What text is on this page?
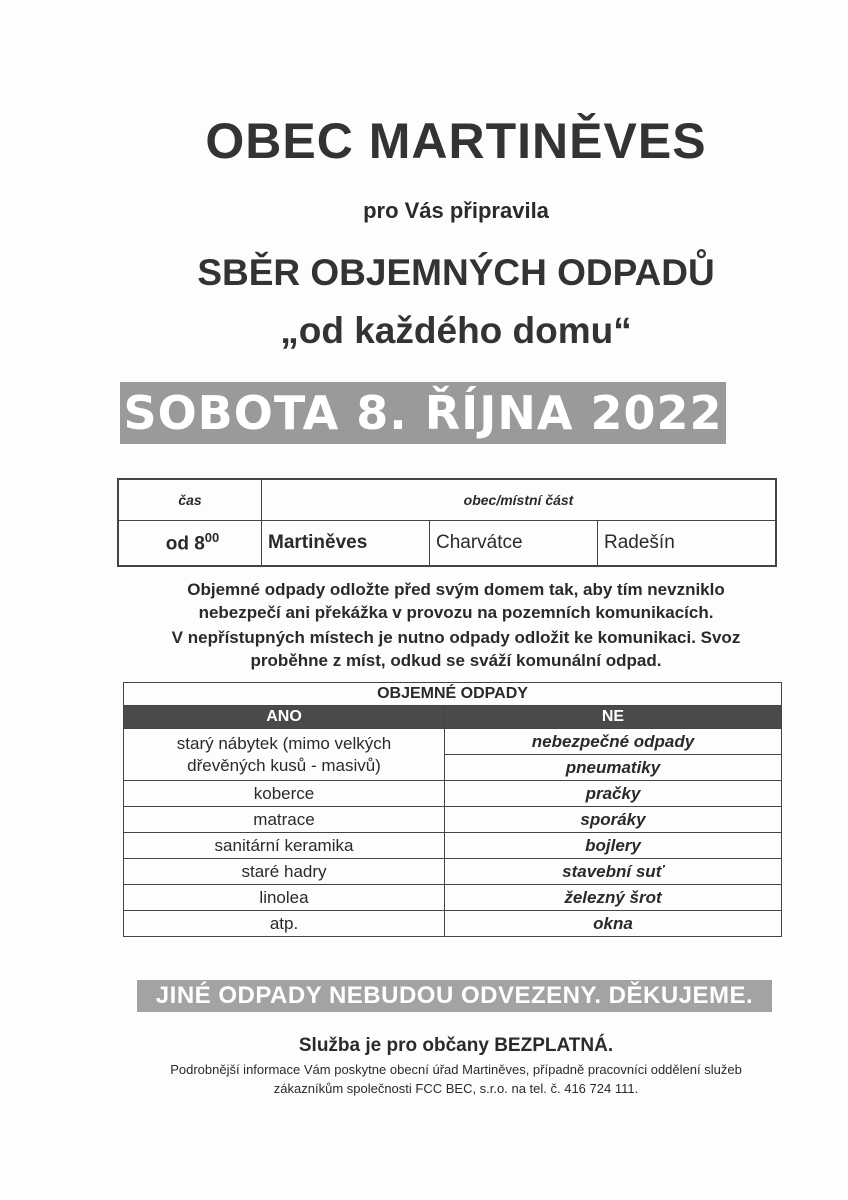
OBEC MARTINĚVES
pro Vás připravila
SBĚR OBJEMNÝCH ODPADŮ
„od každého domu“
SOBOTA 8. ŘÍJNA 2022
čas	obec/místní část		
od $8^{00}$	Martiněves	Charvátce	Radešín
Objemné odpady odložte před svým domem tak, aby tím nevzniklo
nebezpečí ani překážka v provozu na pozemních komunikacích.
V nepřístupných místech je nutno odpady odložit ke komunikaci. Svoz
proběhne z míst, odkud se sváží komunální odpad.
OBJEMNÉ ODPADY	
ANO	NE

starý nábytek (mimo velkých
dřevěných kusů - masivů)	nebezpečné odpady
	pneumatiky
koberce	pračky
matrace	sporáky
sanitární keramika	bojlery
staré hadry	stavební suť
linolea	železný šrot
atp.	okna
JINÉ ODPADY NEBUDOU ODVEZENY. DĚKUJEME.
Služba je pro občany BEZPLATNÁ.
Podrobnější informace Vám poskytne obecní úřad Martiněves, případně pracovníci oddělení služeb
zákazníkům společnosti FCC BEC, s.r.o. na tel. č. 416 724 111.
